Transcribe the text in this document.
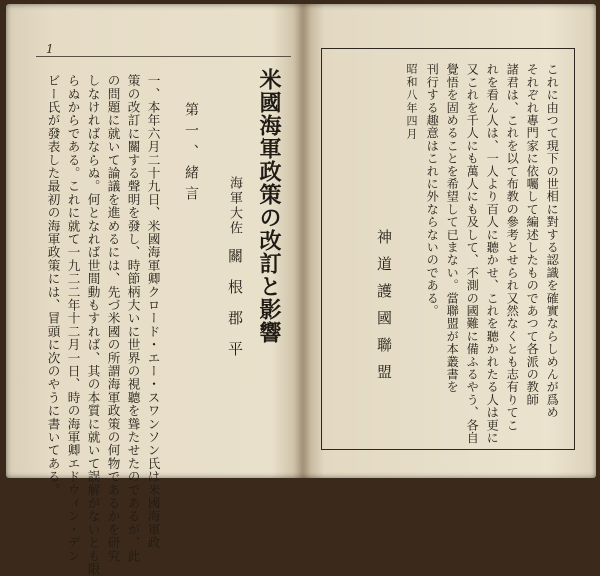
1
米國海軍政策の改訂と影響
海軍大佐
關根郡平
第一、緒言
一、本年六月二十九日、米國海軍卿クロード・エー・スワンソン氏は米國海軍政
策の改訂に關する聲明を發し、時節柄大いに世界の視聽を聳たせたのであるが、此
の問題に就いて論議を進めるには、先づ米國の所謂海軍政策の何物であるかを研究
しなければならぬ。何となれば世間動もすれば、其の本質に就いて誤解がないとも限
らぬからである。これに就て一九二二年十二月一日、時の海軍卿エドウィン・デン
ビー氏が發表した最初の海軍政策には、冒頭に次のやうに書いてある。	これに由つて現下の世相に對する認識を確實ならしめんが爲め
それぞれ專門家に依囑して編述したものであつて各派の教師
諸君は、これを以て布教の參考とせられ又然なくとも志有りてこ
れを看ん人は、一人より百人に聽かせ、これを聽かれたる人は更に
又これを千人にも萬人にも及して、不測の國難に備ふるやう、各自
覺悟を固めることを希望して已まない。當聯盟が本叢書を
刊行する趣意はこれに外ならないのである。
昭和八年四月
神道護國聯盟
